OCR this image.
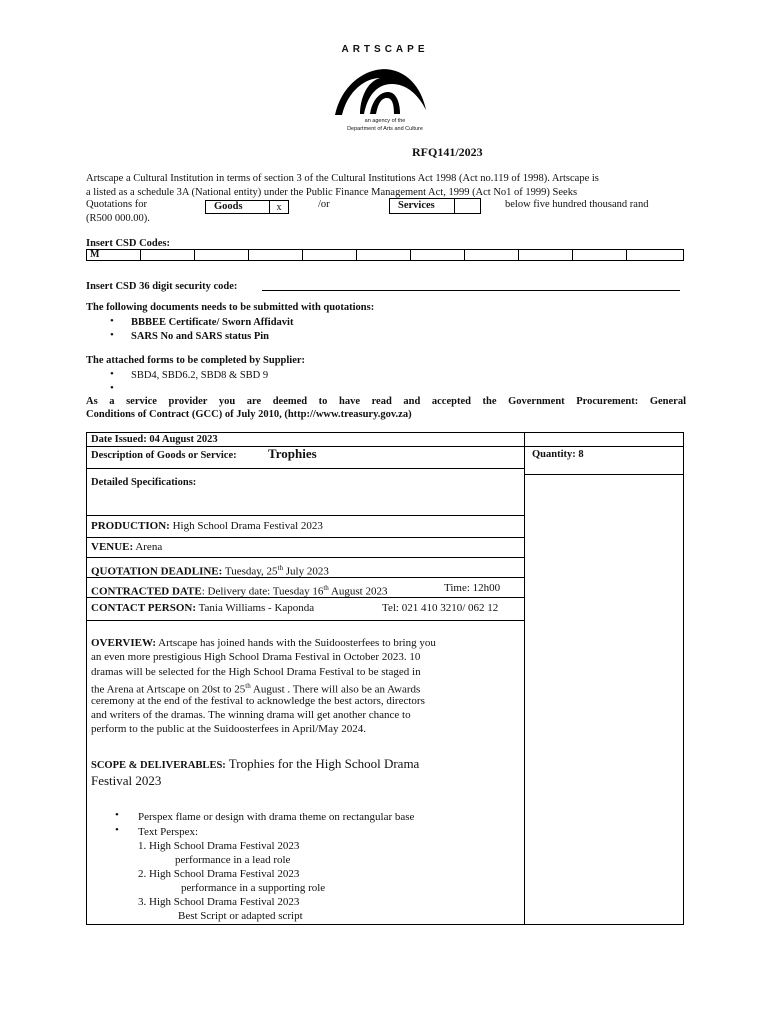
ARTSCAPE
an agency of the
Department of Arts and Culture
RFQ141/2023
Artscape a Cultural Institution in terms of section 3 of the Cultural Institutions Act 1998 (Act no.119 of 1998). Artscape is
a listed as a schedule 3A (National entity) under the Public Finance Management Act, 1999 (Act No1 of 1999) Seeks
Quotations for	Goods	x	/or	Services	below five hundred thousand rand
(R500 000.00).
Insert CSD Codes:
M
Insert CSD 36 digit security code:
The following documents needs to be submitted with quotations:
• BBBEE Certificate/ Sworn Affidavit
• SARS No and SARS status Pin
The attached forms to be completed by Supplier:
• SBD4, SBD6.2, SBD8 & SBD 9
•
As a service provider you are deemed to have read and accepted the Government Procurement: General
Conditions of Contract (GCC) of July 2010, (http://www.treasury.gov.za)
Date Issued: 04 August 2023
Description of Goods or Service: Trophies	Quantity: 8
Detailed Specifications:
PRODUCTION: High School Drama Festival 2023
VENUE: Arena
QUOTATION DEADLINE: Tuesday, 25th July 2023
CONTRACTED DATE: Delivery date: Tuesday 16th August 2023	Time: 12h00
CONTACT PERSON: Tania Williams - Kaponda	Tel: 021 410 3210/ 062 12
OVERVIEW: Artscape has joined hands with the Suidoosterfees to bring you
an even more prestigious High School Drama Festival in October 2023. 10
dramas will be selected for the High School Drama Festival to be staged in
the Arena at Artscape on 20st to 25th August . There will also be an Awards
ceremony at the end of the festival to acknowledge the best actors, directors
and writers of the dramas. The winning drama will get another chance to
perform to the public at the Suidoosterfees in April/May 2024.
SCOPE & DELIVERABLES: Trophies for the High School Drama
Festival 2023
• Perspex flame or design with drama theme on rectangular base
• Text Perspex:
1. High School Drama Festival 2023
performance in a lead role
2. High School Drama Festival 2023
performance in a supporting role
3. High School Drama Festival 2023
Best Script or adapted script
